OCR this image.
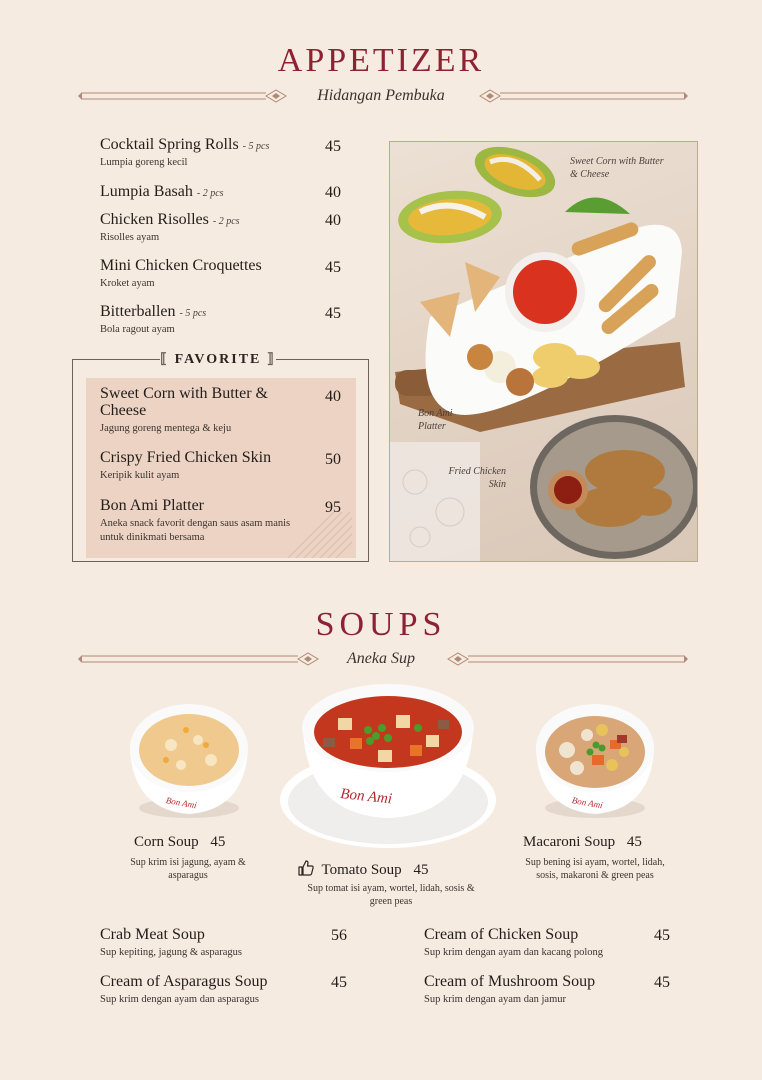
APPETIZER
Hidangan Pembuka
Cocktail Spring Rolls - 5 pcs
Lumpia goreng kecil
45
Lumpia Basah - 2 pcs	40
Chicken Risolles - 2 pcs
Risolles ayam
40
Mini Chicken Croquettes
Kroket ayam
45
Bitterballen - 5 pcs
Bola ragout ayam
45
⟦ FAVORITE ⟧
Sweet Corn with Butter & Cheese
Jagung goreng mentega & keju
40
Crispy Fried Chicken Skin
Keripik kulit ayam
50
Bon Ami Platter
Aneka snack favorit dengan saus asam manis untuk dinikmati bersama
95
Sweet Corn with Butter & Cheese
Bon Ami Platter
Fried Chicken Skin
SOUPS
Aneka Sup
Bon Ami	Bon Ami	Bon Ami
Corn Soup 45
Sup krim isi jagung, ayam & asparagus	Tomato Soup 45
Sup tomat isi ayam, wortel, lidah, sosis & green peas
Macaroni Soup 45
Sup bening isi ayam, wortel, lidah, sosis, makaroni & green peas
Crab Meat Soup
Sup kepiting, jagung & asparagus
56	Cream of Chicken Soup
Sup krim dengan ayam dan kacang polong
45
Cream of Asparagus Soup
Sup krim dengan ayam dan asparagus
45	Cream of Mushroom Soup
Sup krim dengan ayam dan jamur
45
